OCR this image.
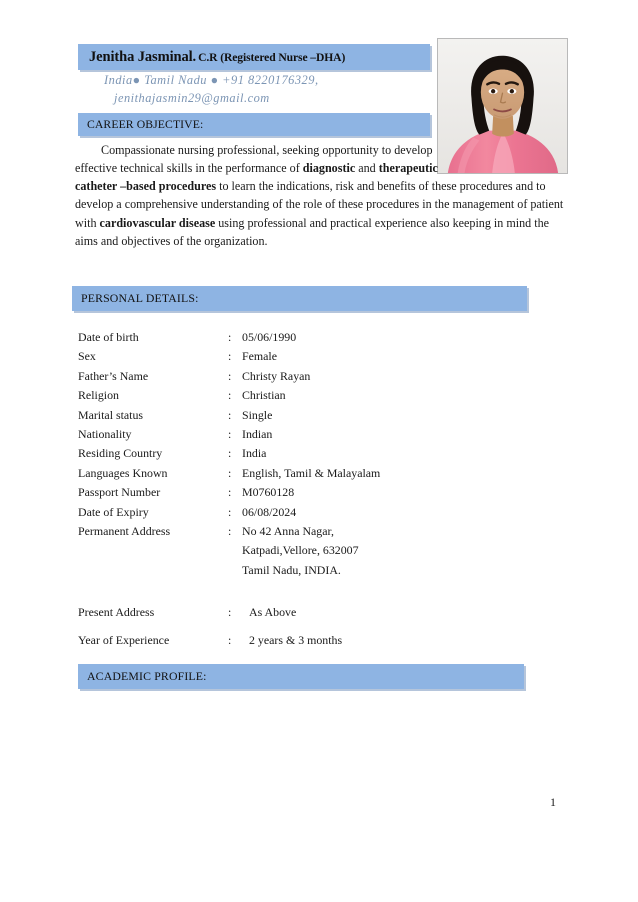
Jenitha Jasminal. C.R (Registered Nurse –DHA)
India● Tamil Nadu ● +91 8220176329,
jenithajasmin29@gmail.com
CAREER OBJECTIVE:
Compassionate nursing professional, seeking opportunity to develop effective technical skills in the performance of diagnostic and therapeutic catheter –based procedures to learn the indications, risk and benefits of these procedures and to develop a comprehensive understanding of the role of these procedures in the management of patient with cardiovascular disease using professional and practical experience also keeping in mind the aims and objectives of the organization.
PERSONAL DETAILS:
Date of birth	: 05/06/1990
Sex	: Female
Father’s Name	: Christy Rayan
Religion	: Christian
Marital status	: Single
Nationality	: Indian
Residing Country	: India
Languages Known	: English, Tamil & Malayalam
Passport Number	: M0760128
Date of Expiry	: 06/08/2024
Permanent Address	: No 42 Anna Nagar,
Katpadi,Vellore, 632007
Tamil Nadu, INDIA.
Present Address	:	As Above
Year of Experience	:	2 years & 3 months
ACADEMIC PROFILE:
1
